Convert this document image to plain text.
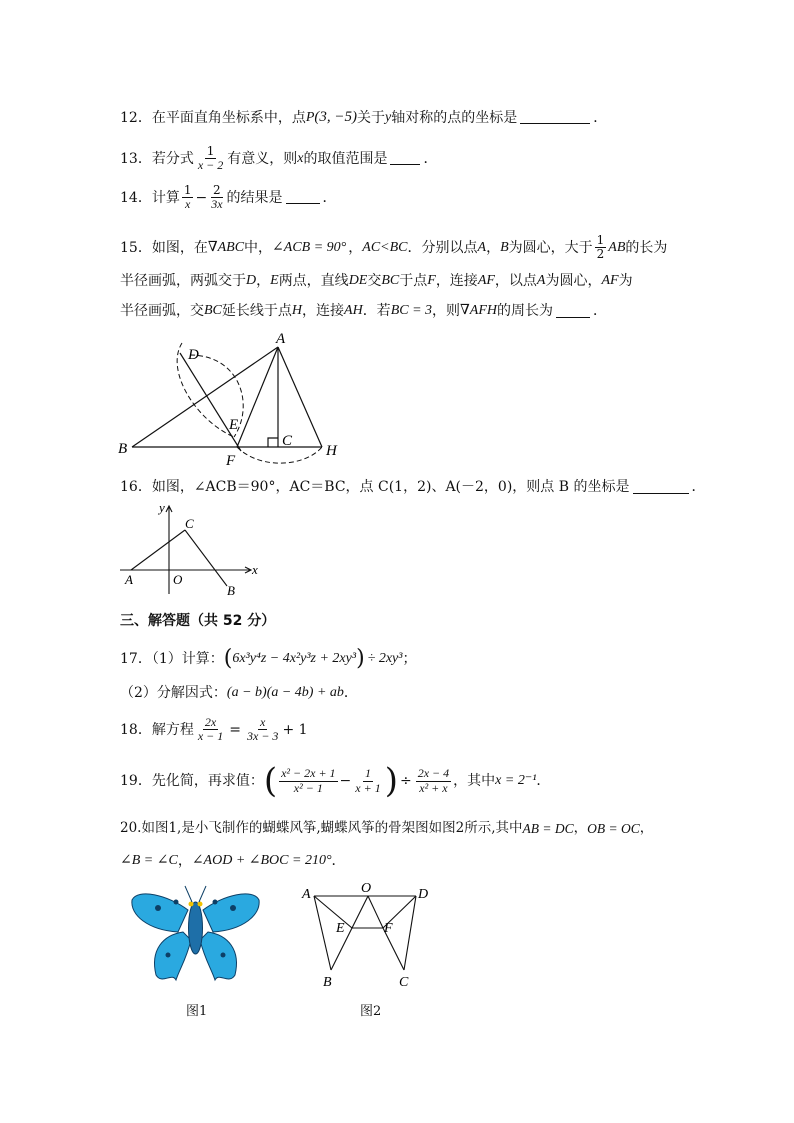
12．在平面直角坐标系中，点 P (3, −5) 关于 y 轴对称的点的坐标是	．
13．若分式 $\frac{1}{x - 2}$ 有意义，则 x 的取值范围是	．
14．计算 $\frac{1}{x} - \frac{2}{3x}$ 的结果是	．
15．如图，在 ∇ABC 中， ∠ACB = 90° ， AC<BC ．分别以点 A ， B 为圆心，大于 $\frac{1}{2}$ AB 的长为
半径画弧，两弧交于 D ， E 两点，直线 DE 交 BC 于点 F ，连接 AF ，以点 A 为圆心， AF 为
半径画弧，交 BC 延长线于点 H ，连接 AH ．若 BC = 3 ，则 ∇AFH 的周长为	．
D
A
E
B	C
F
H
16．如图，∠ACB＝90°，AC＝BC，点 C(1，2)、A(－2，0)，则点 B 的坐标是	．
y
x
C
A	O
B
三、解答题（共 52 分）
17．（1）计算： ( 6x³y⁴z − 4x²y³z + 2xy³ ) ÷ 2xy³ ；
（2）分解因式： (a − b)(a − 4b) + ab ．
18．解方程 $\frac{2x}{x - 1} = \frac{x}{3x - 3} + 1$
19．先化简，再求值： ( $\frac{\text{x² − 2x + 1}}{\text{x² − 1}} - \frac{1}{x + 1}$ ) ÷ $\frac{2x - 4}{\text{x² + x}}$ ，其中 x = 2⁻¹ ．
20.如图1,是小飞制作的蝴蝶风筝,蝴蝶风筝的骨架图如图2所示,其中 AB = DC ， OB = OC ，
∠B = ∠C ， ∠AOD + ∠BOC = 210° ．
图1
A	O	D
E	F
B	C
图2
